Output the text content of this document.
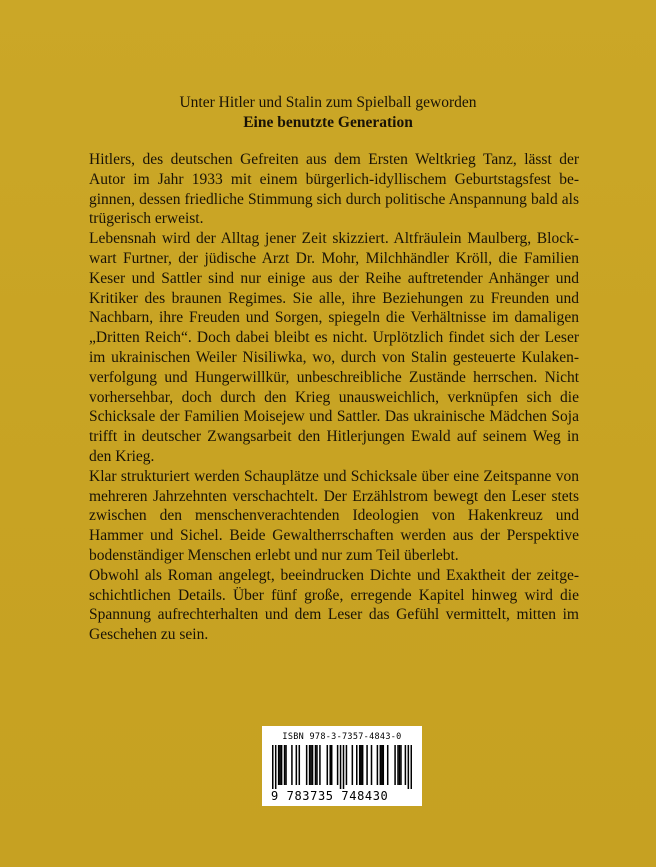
Unter Hitler und Stalin zum Spielball geworden
Eine benutzte Generation

Hitlers, des deutschen Gefreiten aus dem Ersten Weltkrieg Tanz, lässt der Autor im Jahr 1933 mit einem bürgerlich-idyllischem Geburtstagsfest beginnen, dessen friedliche Stimmung sich durch politische Anspannung bald als trügerisch erweist.

Lebensnah wird der Alltag jener Zeit skizziert. Altfräulein Maulberg, Blockwart Furtner, der jüdische Arzt Dr. Mohr, Milchhändler Kröll, die Familien Keser und Sattler sind nur einige aus der Reihe auftretender Anhänger und Kritiker des braunen Regimes. Sie alle, ihre Beziehungen zu Freunden und Nachbarn, ihre Freuden und Sorgen, spiegeln die Verhältnisse im damaligen „Dritten Reich“. Doch dabei bleibt es nicht. Urplötzlich findet sich der Leser im ukrainischen Weiler Nisiliwka, wo, durch von Stalin gesteuerte Kulakenverfolgung und Hungerwillkür, unbeschreibliche Zustände herrschen. Nicht vorhersehbar, doch durch den Krieg unausweichlich, verknüpfen sich die Schicksale der Familien Moisejew und Sattler. Das ukrainische Mädchen Soja trifft in deutscher Zwangsarbeit den Hitlerjungen Ewald auf seinem Weg in den Krieg.

Klar strukturiert werden Schauplätze und Schicksale über eine Zeitspanne von mehreren Jahrzehnten verschachtelt. Der Erzählstrom bewegt den Leser stets zwischen den menschenverachtenden Ideologien von Hakenkreuz und Hammer und Sichel. Beide Gewaltherrschaften werden aus der Perspektive bodenständiger Menschen erlebt und nur zum Teil überlebt.

Obwohl als Roman angelegt, beeindrucken Dichte und Exaktheit der zeitgeschichtlichen Details. Über fünf große, erregende Kapitel hinweg wird die Spannung aufrechterhalten und dem Leser das Gefühl vermittelt, mitten im Geschehen zu sein.

ISBN 978-3-7357-4843-0
9 783735 748430
